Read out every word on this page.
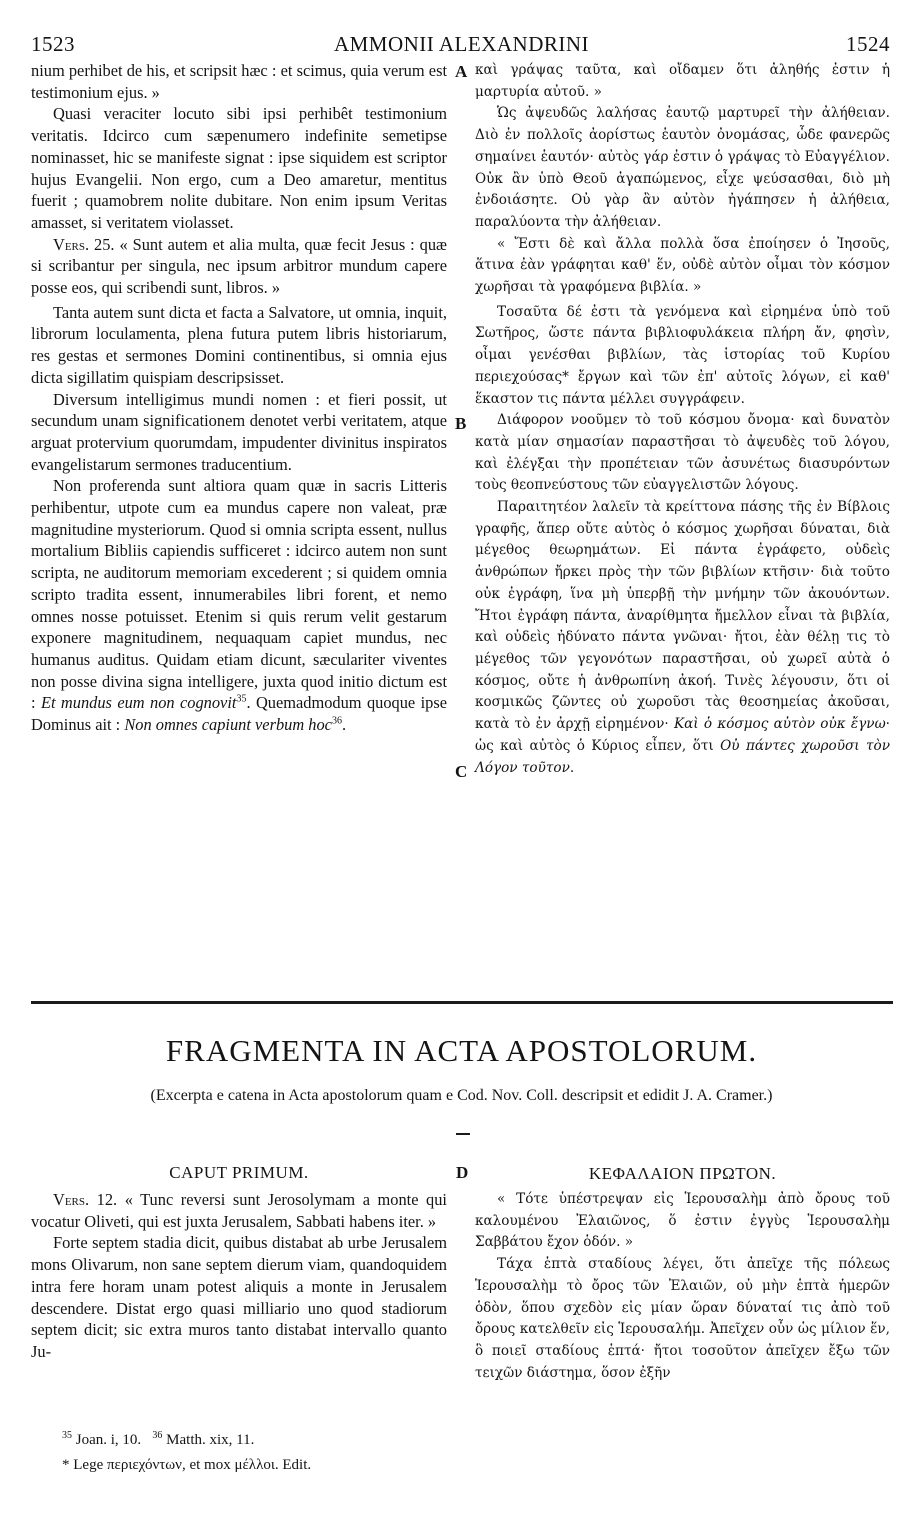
1523	AMMONII ALEXANDRINI	1524
A
B
C
D

nium perhibet de his, et scripsit hæc : et scimus, quia verum est testimonium ejus. »

Quasi veraciter locuto sibi ipsi perhibêt testimonium veritatis. Idcirco cum sæpenumero indefinite semetipse nominasset, hic se manifeste signat : ipse siquidem est scriptor hujus Evangelii. Non ergo, cum a Deo amaretur, mentitus fuerit ; quamobrem nolite dubitare. Non enim ipsum Veritas amasset, si veritatem violasset.

Vers. 25. « Sunt autem et alia multa, quæ fecit Jesus : quæ si scribantur per singula, nec ipsum arbitror mundum capere posse eos, qui scribendi sunt, libros. »

Tanta autem sunt dicta et facta a Salvatore, ut omnia, inquit, librorum loculamenta, plena futura putem libris historiarum, res gestas et sermones Domini continentibus, si omnia ejus dicta sigillatim quispiam descripsisset.

Diversum intelligimus mundi nomen : et fieri possit, ut secundum unam significationem denotet verbi veritatem, atque arguat protervium quorumdam, impudenter divinitus inspiratos evangelistarum sermones traducentium.

Non proferenda sunt altiora quam quæ in sacris Litteris perhibentur, utpote cum ea mundus capere non valeat, præ magnitudine mysteriorum. Quod si omnia scripta essent, nullus mortalium Bibliis capiendis sufficeret : idcirco autem non sunt scripta, ne auditorum memoriam excederent ; si quidem omnia scripto tradita essent, innumerabiles libri forent, et nemo omnes nosse potuisset. Etenim si quis rerum velit gestarum exponere magnitudinem, nequaquam capiet mundus, nec humanus auditus. Quidam etiam dicunt, sæculariter viventes non posse divina signa intelligere, juxta quod initio dictum est : Et mundus eum non cognovit$^{35}$. Quemadmodum quoque ipse Dominus ait : Non omnes capiunt verbum hoc$^{36}$.

καὶ γράψας ταῦτα, καὶ οἴδαμεν ὅτι ἀληθής ἐστιν ἡ μαρτυρία αὐτοῦ. »

Ὡς ἀψευδῶς λαλήσας ἑαυτῷ μαρτυρεῖ τὴν ἀλήθειαν. Διὸ ἐν πολλοῖς ἀορίστως ἑαυτὸν ὀνομάσας, ὧδε φανερῶς σημαίνει ἑαυτόν· αὐτὸς γάρ ἐστιν ὁ γράψας τὸ Εὐαγγέλιον. Οὐκ ἂν ὑπὸ Θεοῦ ἀγαπώμενος, εἶχε ψεύσασθαι, διὸ μὴ ἐνδοιάσητε. Οὐ γὰρ ἂν αὐτὸν ἠγάπησεν ἡ ἀλήθεια, παραλύοντα τὴν ἀλήθειαν.

« Ἔστι δὲ καὶ ἄλλα πολλὰ ὅσα ἐποίησεν ὁ Ἰησοῦς, ἅτινα ἐὰν γράφηται καθ' ἕν, οὐδὲ αὐτὸν οἶμαι τὸν κόσμον χωρῆσαι τὰ γραφόμενα βιβλία. »

Τοσαῦτα δέ ἐστι τὰ γενόμενα καὶ εἰρημένα ὑπὸ τοῦ Σωτῆρος, ὥστε πάντα βιβλιοφυλάκεια πλήρη ἄν, φησὶν, οἶμαι γενέσθαι βιβλίων, τὰς ἱστορίας τοῦ Κυρίου περιεχούσας* ἔργων καὶ τῶν ἐπ' αὐτοῖς λόγων, εἰ καθ' ἕκαστον τις πάντα μέλλει συγγράφειν.

Διάφορον νοοῦμεν τὸ τοῦ κόσμου ὄνομα· καὶ δυνατὸν κατὰ μίαν σημασίαν παραστῆσαι τὸ ἀψευδὲς τοῦ λόγου, καὶ ἐλέγξαι τὴν προπέτειαν τῶν ἀσυνέτως διασυρόντων τοὺς θεοπνεύστους τῶν εὐαγγελιστῶν λόγους.

Παραιτητέον λαλεῖν τὰ κρείττονα πάσης τῆς ἐν Βίβλοις γραφῆς, ἅπερ οὔτε αὐτὸς ὁ κόσμος χωρῆσαι δύναται, διὰ μέγεθος θεωρημάτων. Εἰ πάντα ἐγράφετο, οὐδεὶς ἀνθρώπων ἤρκει πρὸς τὴν τῶν βιβλίων κτῆσιν· διὰ τοῦτο οὐκ ἐγράφη, ἵνα μὴ ὑπερβῇ τὴν μνήμην τῶν ἀκουόντων. Ἤτοι ἐγράφη πάντα, ἀναρίθμητα ἤμελλον εἶναι τὰ βιβλία, καὶ οὐδεὶς ἠδύνατο πάντα γνῶναι· ἤτοι, ἐὰν θέλῃ τις τὸ μέγεθος τῶν γεγονότων παραστῆσαι, οὐ χωρεῖ αὐτὰ ὁ κόσμος, οὔτε ἡ ἀνθρωπίνη ἀκοή. Τινὲς λέγουσιν, ὅτι οἱ κοσμικῶς ζῶντες οὐ χωροῦσι τὰς θεοσημείας ἀκοῦσαι, κατὰ τὸ ἐν ἀρχῇ εἰρημένον· Καὶ ὁ κόσμος αὐτὸν οὐκ ἔγνω· ὡς καὶ αὐτὸς ὁ Κύριος εἶπεν, ὅτι Οὐ πάντες χωροῦσι τὸν Λόγον τοῦτον.

FRAGMENTA IN ACTA APOSTOLORUM.
(Excerpta e catena in Acta apostolorum quam e Cod. Nov. Coll. descripsit et edidit J. A. Cramer.)
CAPUT PRIMUM.	ΚΕΦΑΛΑΙΟΝ ΠΡΩΤΟΝ.

Vers. 12. « Tunc reversi sunt Jerosolymam a monte qui vocatur Oliveti, qui est juxta Jerusalem, Sabbati habens iter. »

Forte septem stadia dicit, quibus distabat ab urbe Jerusalem mons Olivarum, non sane septem dierum viam, quandoquidem intra fere horam unam potest aliquis a monte in Jerusalem descendere. Distat ergo quasi milliario uno quod stadiorum septem dicit; sic extra muros tanto distabat intervallo quanto Ju-

« Τότε ὑπέστρεψαν εἰς Ἱερουσαλὴμ ἀπὸ ὄρους τοῦ καλουμένου Ἐλαιῶνος, ὅ ἐστιν ἐγγὺς Ἱερουσαλὴμ Σαββάτου ἔχον ὁδόν. »

Τάχα ἑπτὰ σταδίους λέγει, ὅτι ἀπεῖχε τῆς πόλεως Ἱερουσαλὴμ τὸ ὄρος τῶν Ἐλαιῶν, οὐ μὴν ἑπτὰ ἡμερῶν ὁδὸν, ὅπου σχεδὸν εἰς μίαν ὥραν δύναταί τις ἀπὸ τοῦ ὄρους κατελθεῖν εἰς Ἱερουσαλήμ. Ἀπεῖχεν οὖν ὡς μίλιον ἕν, ὃ ποιεῖ σταδίους ἑπτά· ἤτοι τοσοῦτον ἀπεῖχεν ἔξω τῶν τειχῶν διάστημα, ὅσον ἐξῆν

$^{35}$ Joan. i, 10. $^{36}$ Matth. xix, 11.
* Lege περιεχόντων, et mox μέλλοι. Edit.
